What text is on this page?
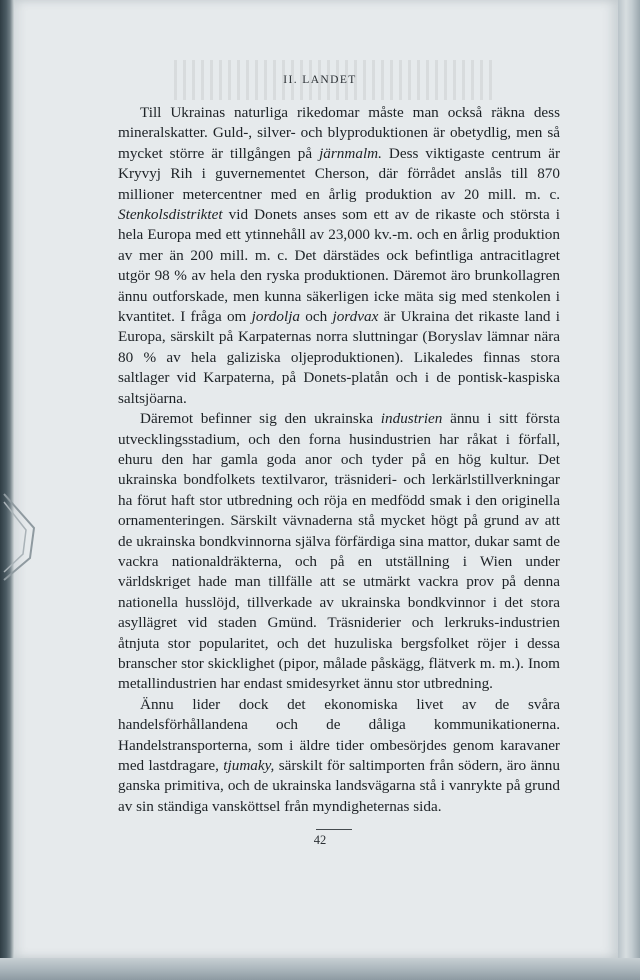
II. LANDET

Till Ukrainas naturliga rikedomar måste man också räkna dess mineralskatter. Guld-, silver- och blyproduktionen är obetydlig, men så mycket större är tillgången på järnmalm. Dess viktigaste centrum är Kryvyj Rih i guvernementet Cherson, där förrådet anslås till 870 millioner metercentner med en årlig produktion av 20 mill. m. c. Stenkolsdistriktet vid Donets anses som ett av de rikaste och största i hela Europa med ett ytinnehåll av 23,000 kv.-m. och en årlig produktion av mer än 200 mill. m. c. Det därstädes ock befintliga antracitlagret utgör 98 % av hela den ryska produktionen. Däremot äro brunkollagren ännu outforskade, men kunna säkerligen icke mäta sig med stenkolen i kvantitet. I fråga om jordolja och jordvax är Ukraina det rikaste land i Europa, särskilt på Karpaternas norra sluttningar (Boryslav lämnar nära 80 % av hela galiziska oljeproduktionen). Likaledes finnas stora saltlager vid Karpaterna, på Donets-platån och i de pontisk-kaspiska saltsjöarna.

Däremot befinner sig den ukrainska industrien ännu i sitt första utvecklingsstadium, och den forna husindustrien har råkat i förfall, ehuru den har gamla goda anor och tyder på en hög kultur. Det ukrainska bondfolkets textilvaror, träsnideri- och lerkärlstillverkningar ha förut haft stor utbredning och röja en medfödd smak i den originella ornamenteringen. Särskilt vävnaderna stå mycket högt på grund av att de ukrainska bondkvinnorna själva förfärdiga sina mattor, dukar samt de vackra nationaldräkterna, och på en utställning i Wien under världskriget hade man tillfälle att se utmärkt vackra prov på denna nationella husslöjd, tillverkade av ukrainska bondkvinnor i det stora asyllägret vid staden Gmünd. Träsniderier och lerkruks-industrien åtnjuta stor popularitet, och det huzuliska bergsfolket röjer i dessa branscher stor skicklighet (pipor, målade påskägg, flätverk m. m.). Inom metallindustrien har endast smidesyrket ännu stor utbredning.

Ännu lider dock det ekonomiska livet av de svåra handelsförhållandena och de dåliga kommunikationerna. Handelstransporterna, som i äldre tider ombesörjdes genom karavaner med lastdragare, tjumaky, särskilt för saltimporten från södern, äro ännu ganska primitiva, och de ukrainska landsvägarna stå i vanrykte på grund av sin ständiga vansköttsel från myndigheternas sida.

42
